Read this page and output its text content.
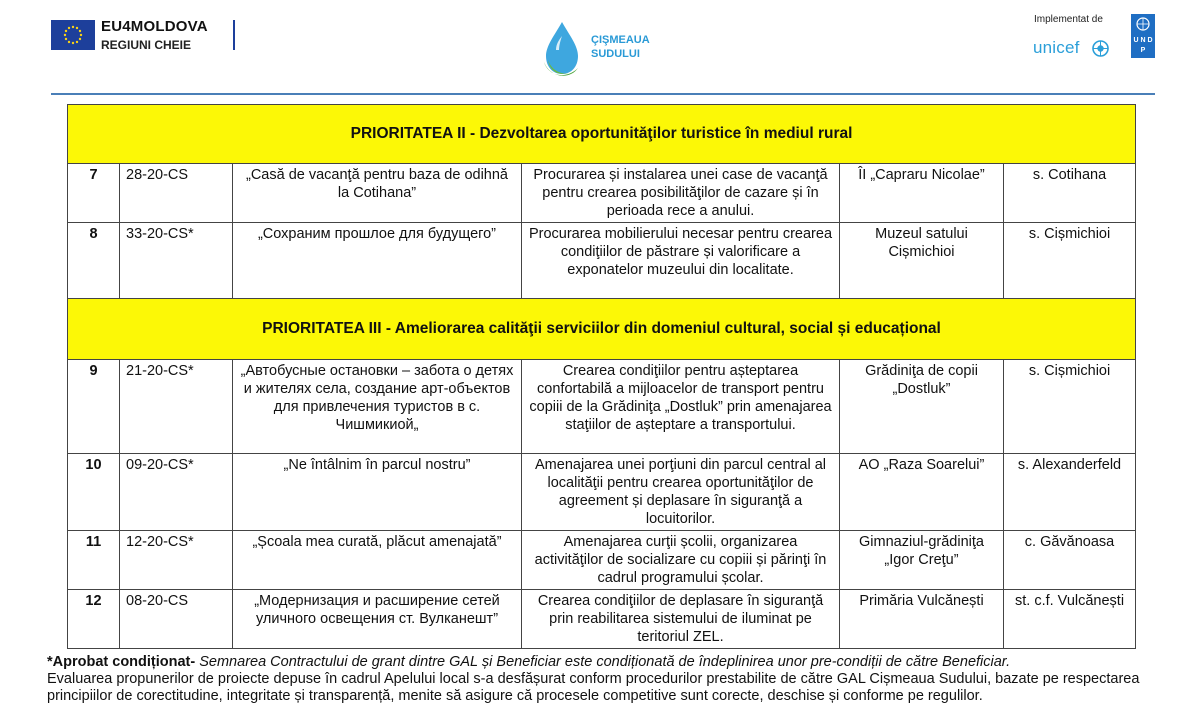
EU4MOLDOVA
REGIUNI CHEIE	ÇIŞMEAUA
SUDULUI
Implementat de
unicef	U N D P
PRIORITATEA II - Dezvoltarea oportunităţilor turistice în mediul rural					
7	28-20-CS	„Casă de vacanţă pentru baza de odihnă la Cotihana”	Procurarea și instalarea unei case de vacanţă pentru crearea posibilităţilor de cazare și în perioada rece a anului.	ÎI „Capraru Nicolae”	s. Cotihana
8	33-20-CS*	„Сохраним прошлое для будущего”	Procurarea mobilierului necesar pentru crearea condiţiilor de păstrare și valorificare a exponatelor muzeului din localitate.	Muzeul satului Cișmichioi	s. Cișmichioi
PRIORITATEA III - Ameliorarea calităţii serviciilor din domeniul cultural, social și educațional					
9	21-20-CS*	„Автобусные остановки – забота о детях и жителях села, создание арт-объектов для привлечения туристов в с. Чишмикиой„	Crearea condiţiilor pentru așteptarea confortabilă a mijloacelor de transport pentru copiii de la Grădiniţa „Dostluk” prin amenajarea staţiilor de așteptare a transportului.	Grădiniţa de copii „Dostluk”	s. Cișmichioi
10	09-20-CS*	„Ne întâlnim în parcul nostru”	Amenajarea unei porţiuni din parcul central al localităţii pentru crearea oportunităţilor de agreement și deplasare în siguranţă a locuitorilor.	AO „Raza Soarelui”	s. Alexanderfeld
11	12-20-CS*	„Școala mea curată, plăcut amenajată”	Amenajarea curţii școlii, organizarea activităţilor de socializare cu copiii și părinţi în cadrul programului școlar.	Gimnaziul-grădiniţa „Igor Creţu”	c. Găvănoasa
12	08-20-CS	„Модернизация и расширение сетей уличного освещения ст. Вулканешт”	Crearea condiţiilor de deplasare în siguranţă prin reabilitarea sistemului de iluminat pe teritoriul ZEL.	Primăria Vulcănești	st. c.f. Vulcănești
*Aprobat condiționat- Semnarea Contractului de grant dintre GAL și Beneficiar este condiționată de îndeplinirea unor pre-condiții de către Beneficiar.
Evaluarea propunerilor de proiecte depuse în cadrul Apelului local s-a desfășurat conform procedurilor prestabilite de către GAL Cișmeaua Sudului, bazate pe respectarea principiilor de corectitudine, integritate și transparență, menite să asigure că procesele competitive sunt corecte, deschise și conforme pe regulilor.
